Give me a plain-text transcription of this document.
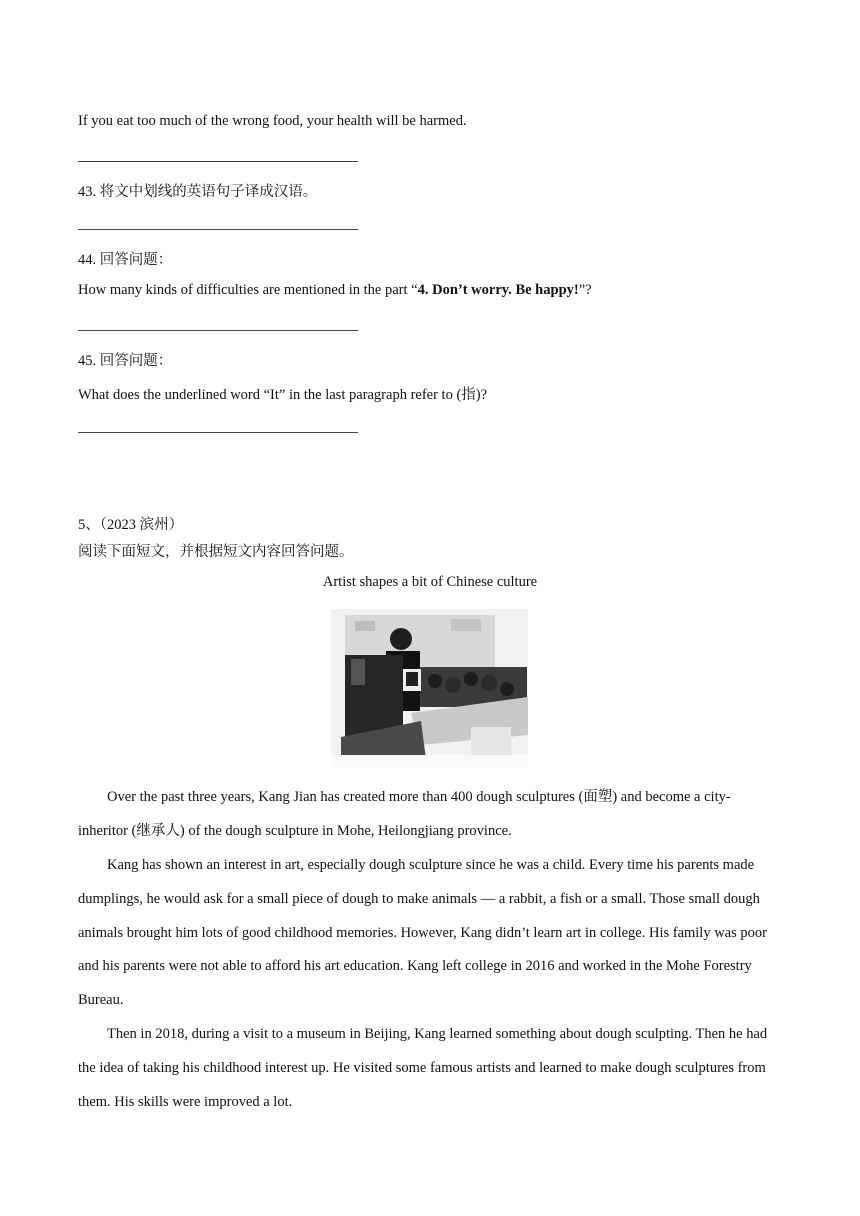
If you eat too much of the wrong food, your health will be harmed.
43. 将文中划线的英语句子译成汉语。
44. 回答问题：
How many kinds of difficulties are mentioned in the part “4. Don’t worry. Be happy!”?
45. 回答问题：
What does the underlined word “It” in the last paragraph refer to (指)?
5、（2023 滨州）
阅读下面短文，并根据短文内容回答问题。
Artist shapes a bit of Chinese culture
Over the past three years, Kang Jian has created more than 400 dough sculptures (面塑) and become a city-inheritor (继承人) of the dough sculpture in Mohe, Heilongjiang province.
Kang has shown an interest in art, especially dough sculpture since he was a child. Every time his parents made dumplings, he would ask for a small piece of dough to make animals — a rabbit, a fish or a small. Those small dough animals brought him lots of good childhood memories. However, Kang didn’t learn art in college. His family was poor and his parents were not able to afford his art education. Kang left college in 2016 and worked in the Mohe Forestry Bureau.
Then in 2018, during a visit to a museum in Beijing, Kang learned something about dough sculpting. Then he had the idea of taking his childhood interest up. He visited some famous artists and learned to make dough sculptures from them. His skills were improved a lot.
